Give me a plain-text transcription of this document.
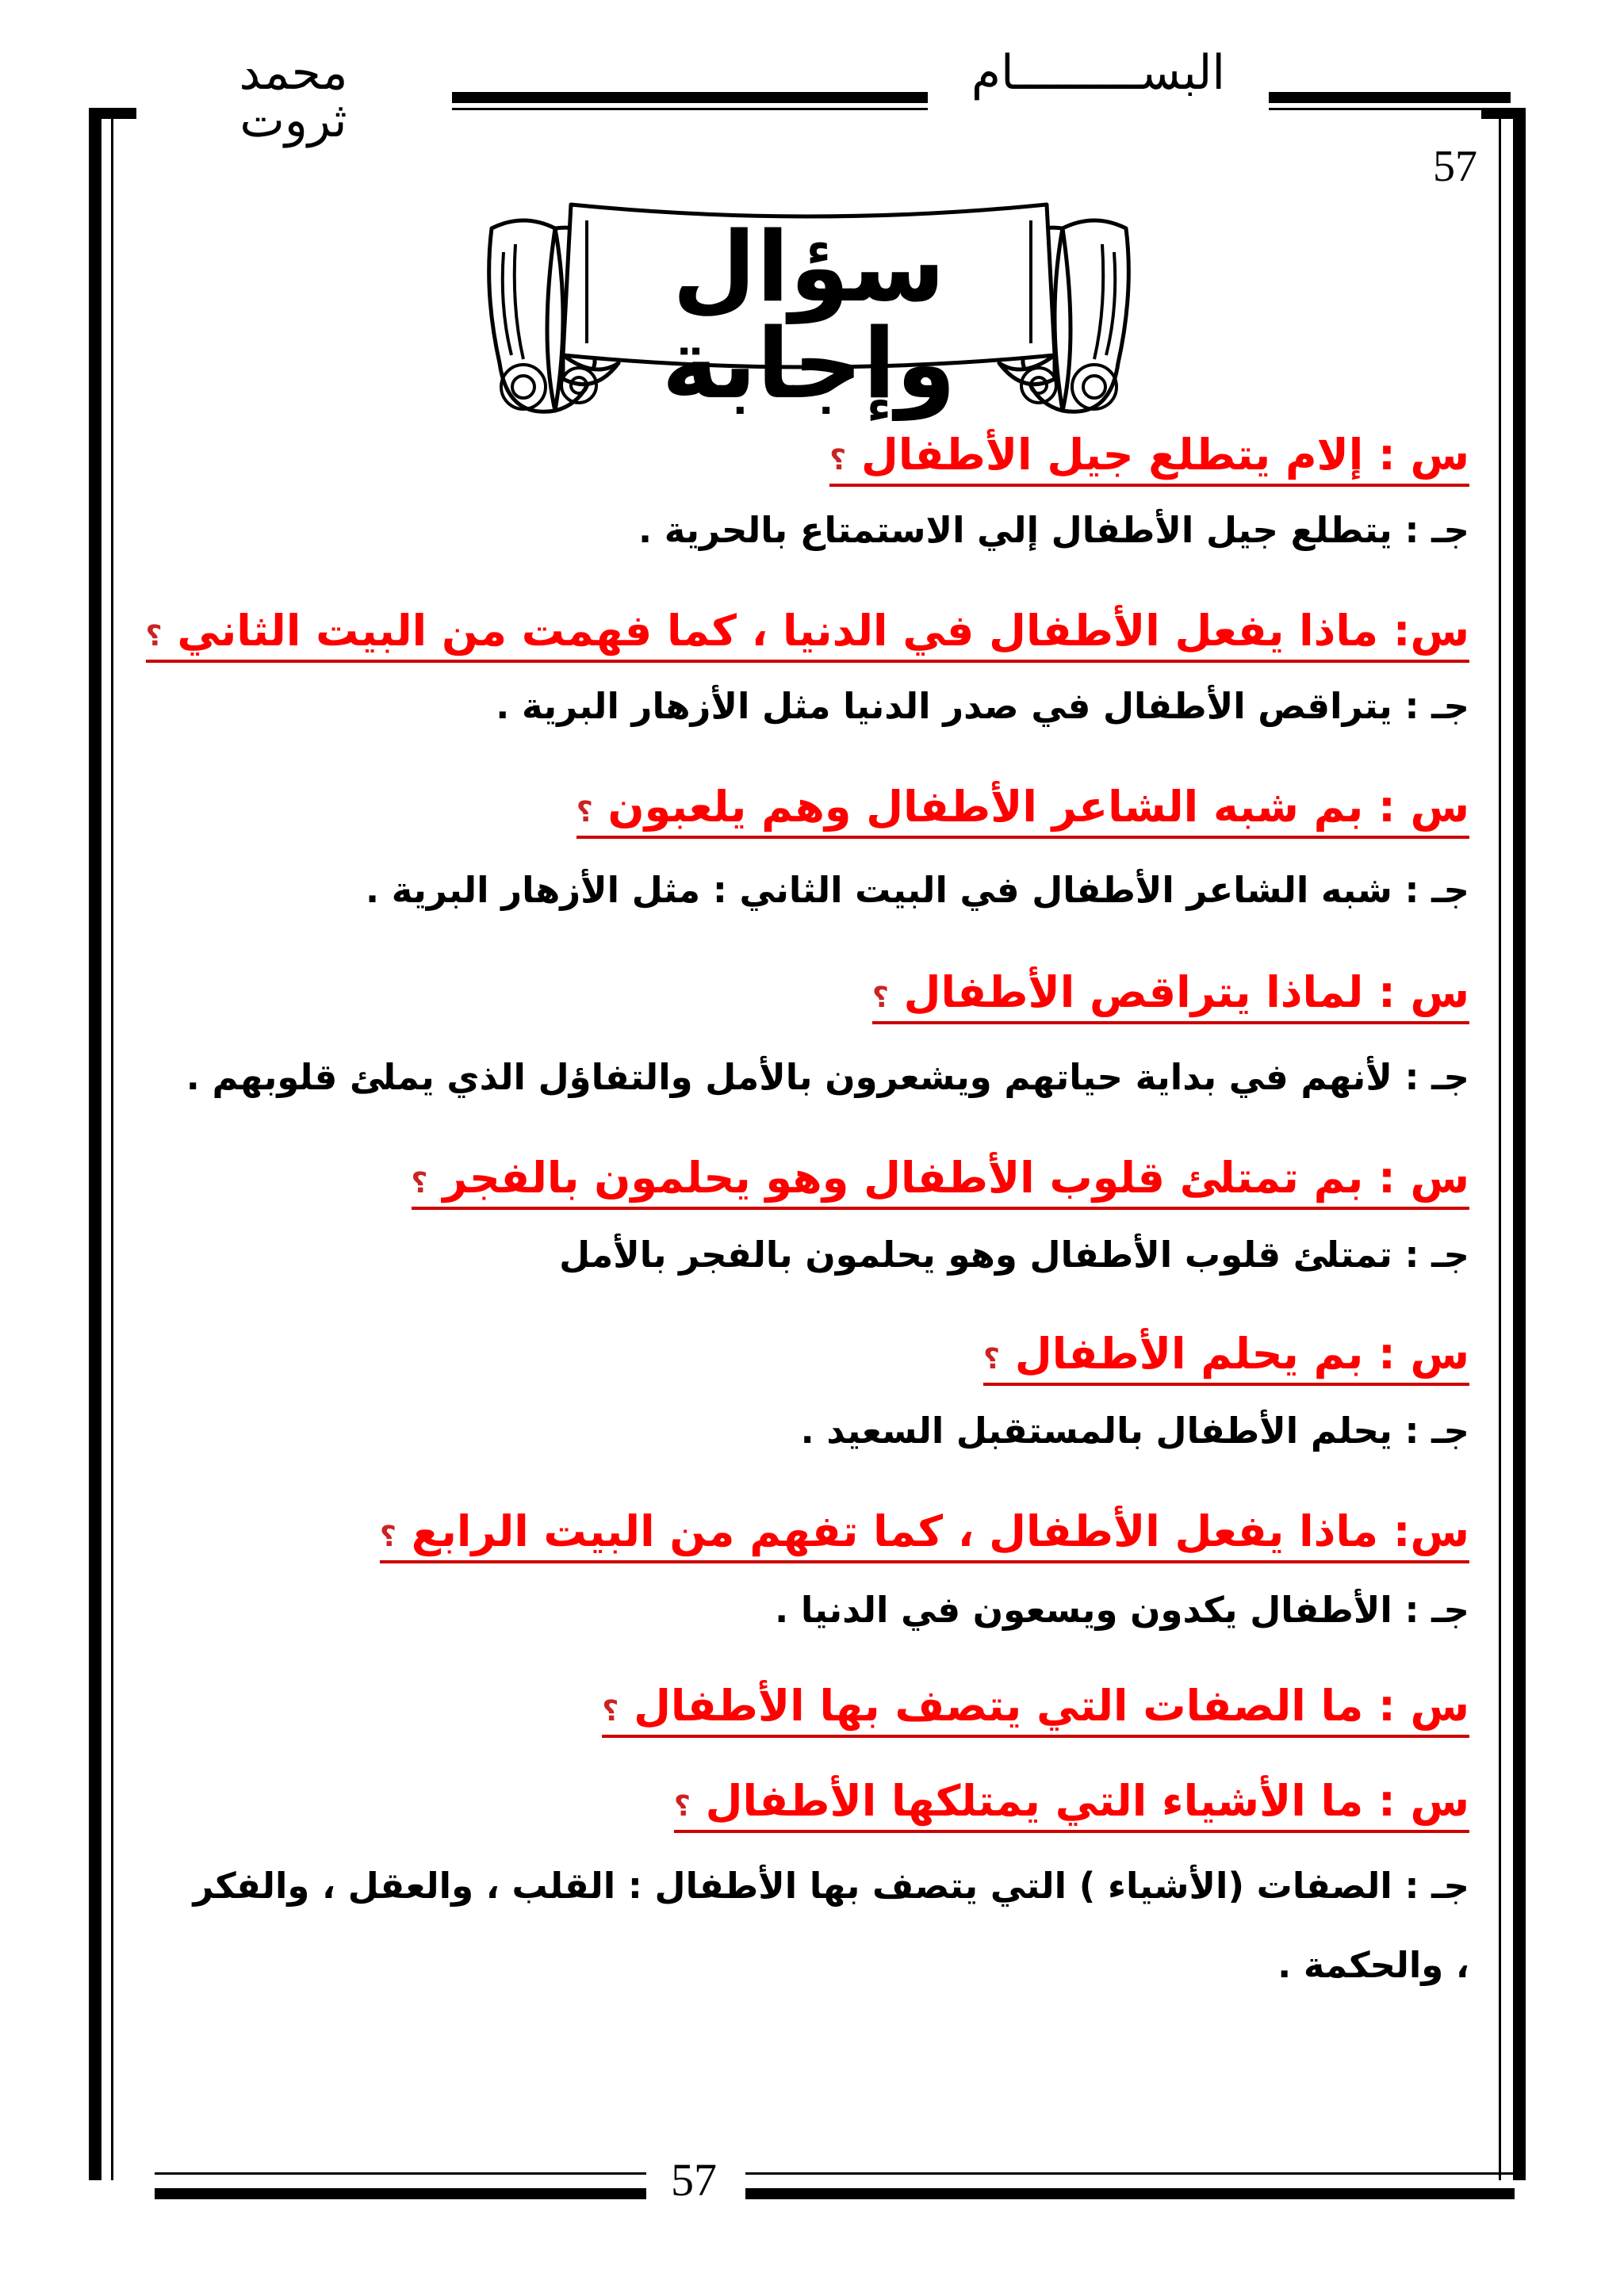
محمد ثروت
البســـــــــام
57
سؤال وإجابة
س : إلام يتطلع جيل الأطفال ؟
جـ : يتطلع جيل الأطفال إلي الاستمتاع بالحرية .
س: ماذا يفعل الأطفال في الدنيا ، كما فهمت من البيت الثاني ؟
جـ : يتراقص الأطفال في صدر الدنيا مثل الأزهار البرية .
س : بم شبه الشاعر الأطفال وهم يلعبون ؟
جـ : شبه الشاعر الأطفال في البيت الثاني : مثل الأزهار البرية .
س : لماذا يتراقص الأطفال ؟
جـ : لأنهم في بداية حياتهم ويشعرون بالأمل والتفاؤل الذي يملئ قلوبهم .
س : بم تمتلئ قلوب الأطفال وهو يحلمون بالفجر ؟
جـ : تمتلئ قلوب الأطفال وهو يحلمون بالفجر بالأمل
س : بم يحلم الأطفال ؟
جـ : يحلم الأطفال بالمستقبل السعيد .
س: ماذا يفعل الأطفال ، كما تفهم من البيت الرابع ؟
جـ : الأطفال يكدون ويسعون في الدنيا .
س : ما الصفات التي يتصف بها الأطفال ؟
س : ما الأشياء التي يمتلكها الأطفال ؟
جـ : الصفات (الأشياء ) التي يتصف بها الأطفال : القلب ، والعقل ، والفكر
، والحكمة .
57
